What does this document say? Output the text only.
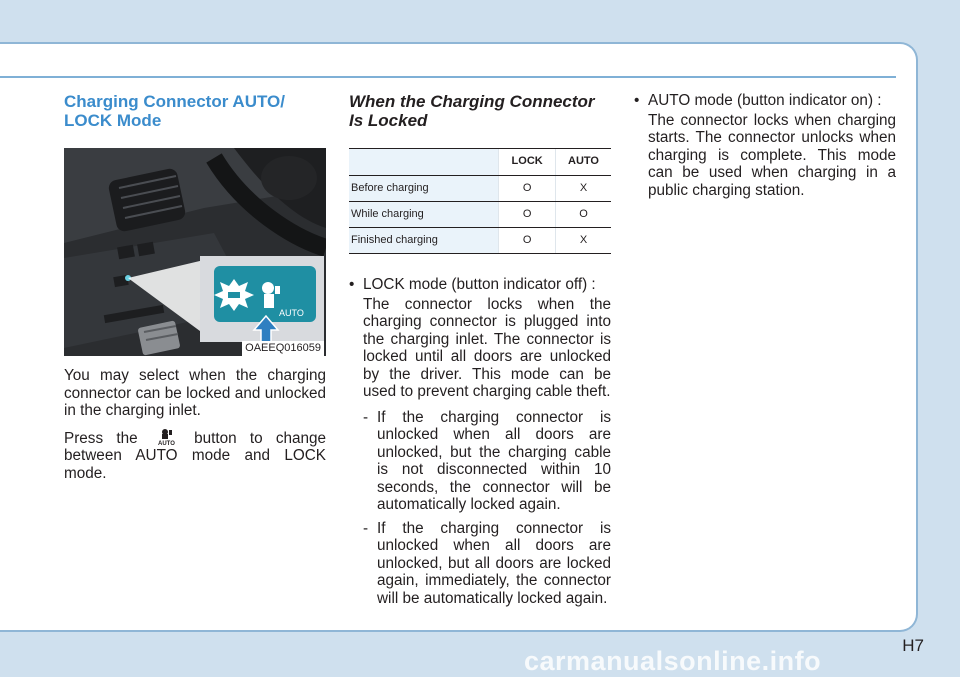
Charging Connector AUTO/ LOCK Mode
AUTO
OAEEQ016059

You may select when the charging connector can be locked and unlocked in the charging inlet.

Press the	AUTO button to change between AUTO mode and LOCK mode.

When the Charging Connector Is Locked
	LOCK	AUTO
Before charging	O	X
While charging	O	O
Finished charging	O	X
• LOCK mode (button indicator off) :

The connector locks when the charging connector is plugged into the charging inlet. The connector is locked until all doors are unlocked by the driver. This mode can be used to prevent charging cable theft.

- If the charging connector is unlocked when all doors are unlocked, but the charging cable is not disconnected within 10 seconds, the connector will be automatically locked again.

- If the charging connector is unlocked when all doors are unlocked, but all doors are locked again, immediately, the connector will be automatically locked again.

• AUTO mode (button indicator on) :

The connector locks when charging starts. The connector unlocks when charging is complete. This mode can be used when charging in a public charging station.

H7
carmanualsonline.info
